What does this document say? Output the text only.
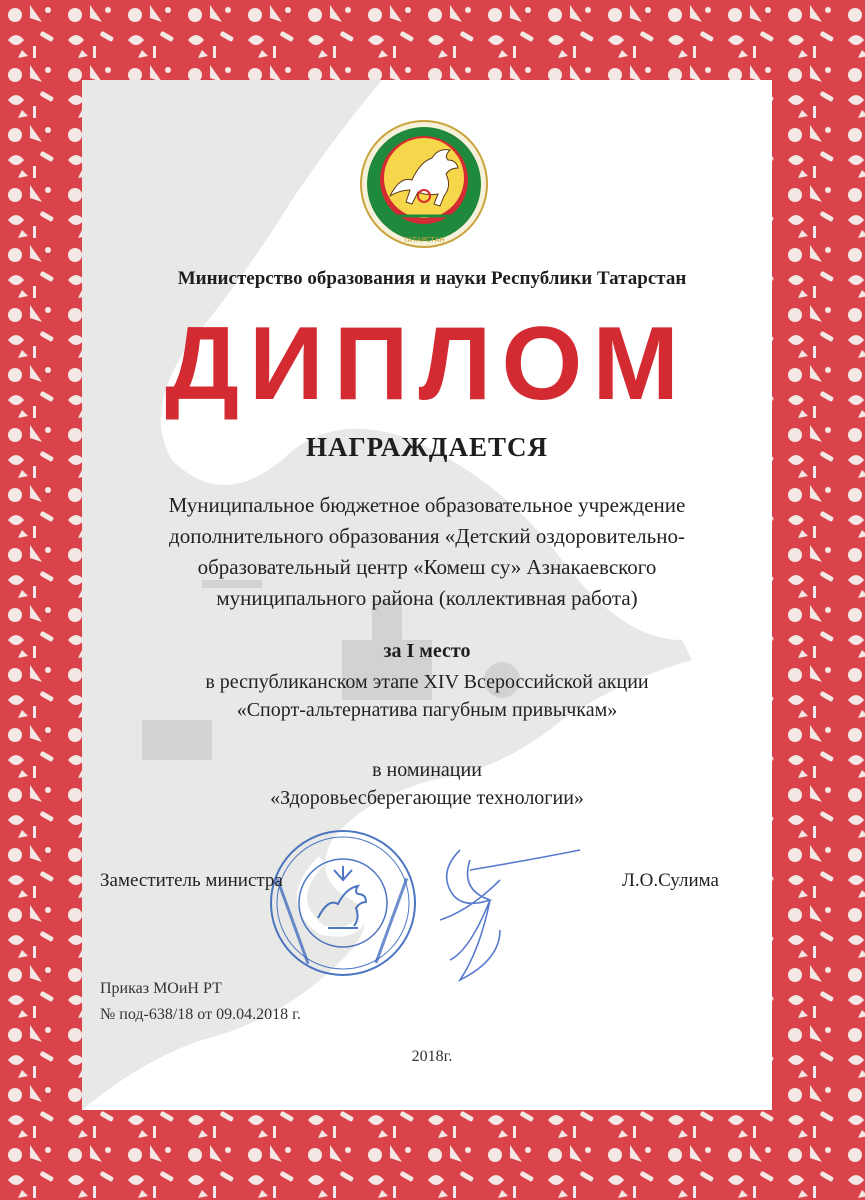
ТАТАРСТАН
Министерство образования и науки Республики Татарстан
ДИПЛОМ
НАГРАЖДАЕТСЯ
Муниципальное бюджетное образовательное учреждение
дополнительного образования «Детский оздоровительно-
образовательный центр «Комеш су» Азнакаевского
муниципального района (коллективная работа)
за I место
в республиканском этапе XIV Всероссийской акции
«Спорт-альтернатива пагубным привычкам»
в номинации
«Здоровьесберегающие технологии»
Заместитель министра	Л.О.Сулима
Приказ МОиН РТ
№ под-638/18 от 09.04.2018 г.
2018г.
